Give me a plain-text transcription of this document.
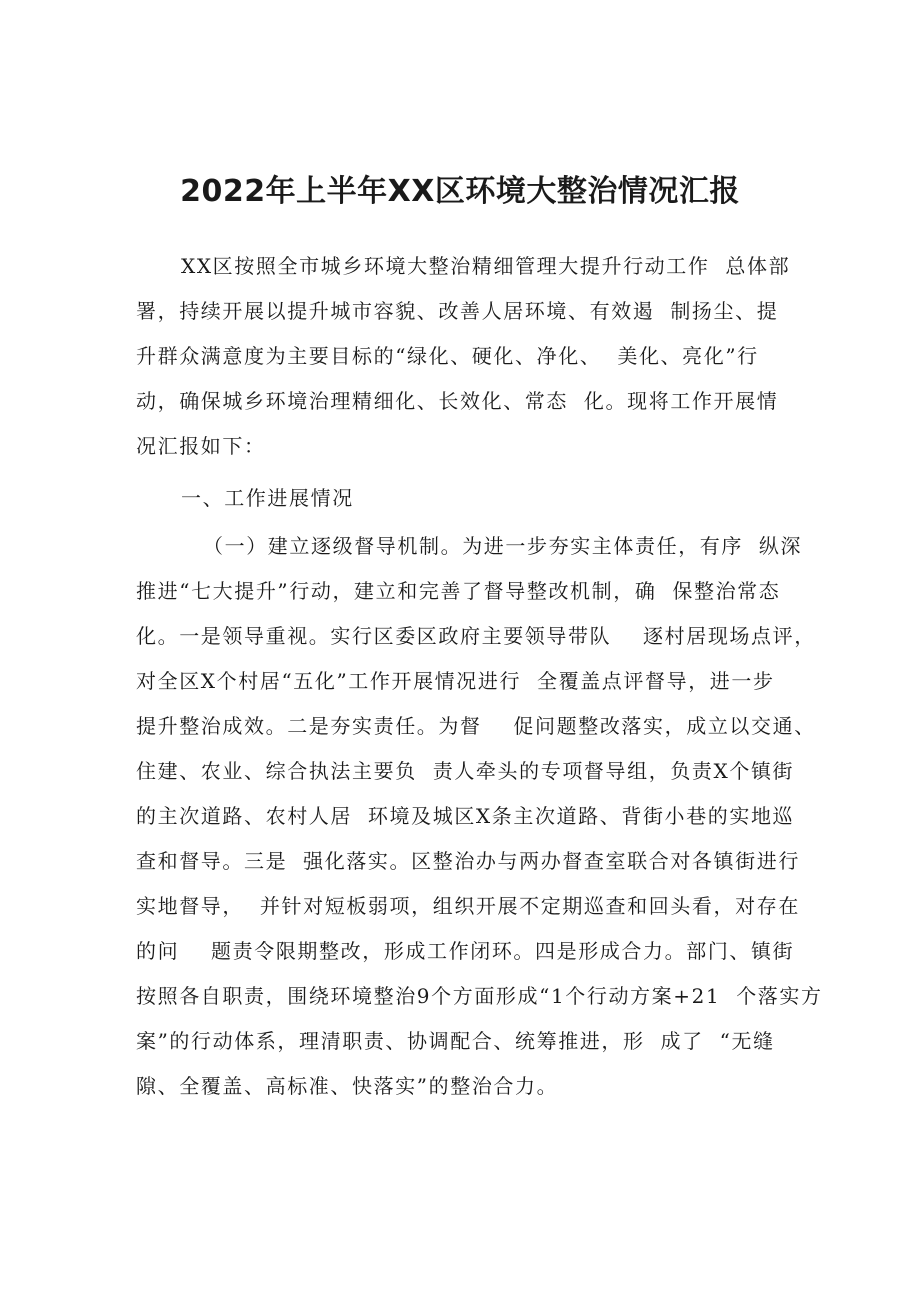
2022年上半年XX区环境大整治情况汇报
XX区按照全市城乡环境大整治精细管理大提升行动工作  总体部
署，持续开展以提升城市容貌、改善人居环境、有效遏  制扬尘、提
升群众满意度为主要目标的“绿化、硬化、净化、  美化、亮化”行
动，确保城乡环境治理精细化、长效化、常态  化。现将工作开展情
况汇报如下：
一、工作进展情况
（一）建立逐级督导机制。为进一步夯实主体责任，有序  纵深
推进“七大提升”行动，建立和完善了督导整改机制，确  保整治常态
化。一是领导重视。实行区委区政府主要领导带队    逐村居现场点评，
对全区X个村居“五化”工作开展情况进行  全覆盖点评督导，进一步
提升整治成效。二是夯实责任。为督    促问题整改落实，成立以交通、
住建、农业、综合执法主要负  责人牵头的专项督导组，负责X个镇街
的主次道路、农村人居  环境及城区X条主次道路、背街小巷的实地巡
查和督导。三是  强化落实。区整治办与两办督查室联合对各镇街进行
实地督导，  并针对短板弱项，组织开展不定期巡查和回头看，对存在
的问    题责令限期整改，形成工作闭环。四是形成合力。部门、镇街
按照各自职责，围绕环境整治9个方面形成“1个行动方案+21  个落实方
案”的行动体系，理清职责、协调配合、统筹推进，形  成了  “无缝
隙、全覆盖、高标准、快落实”的整治合力。
